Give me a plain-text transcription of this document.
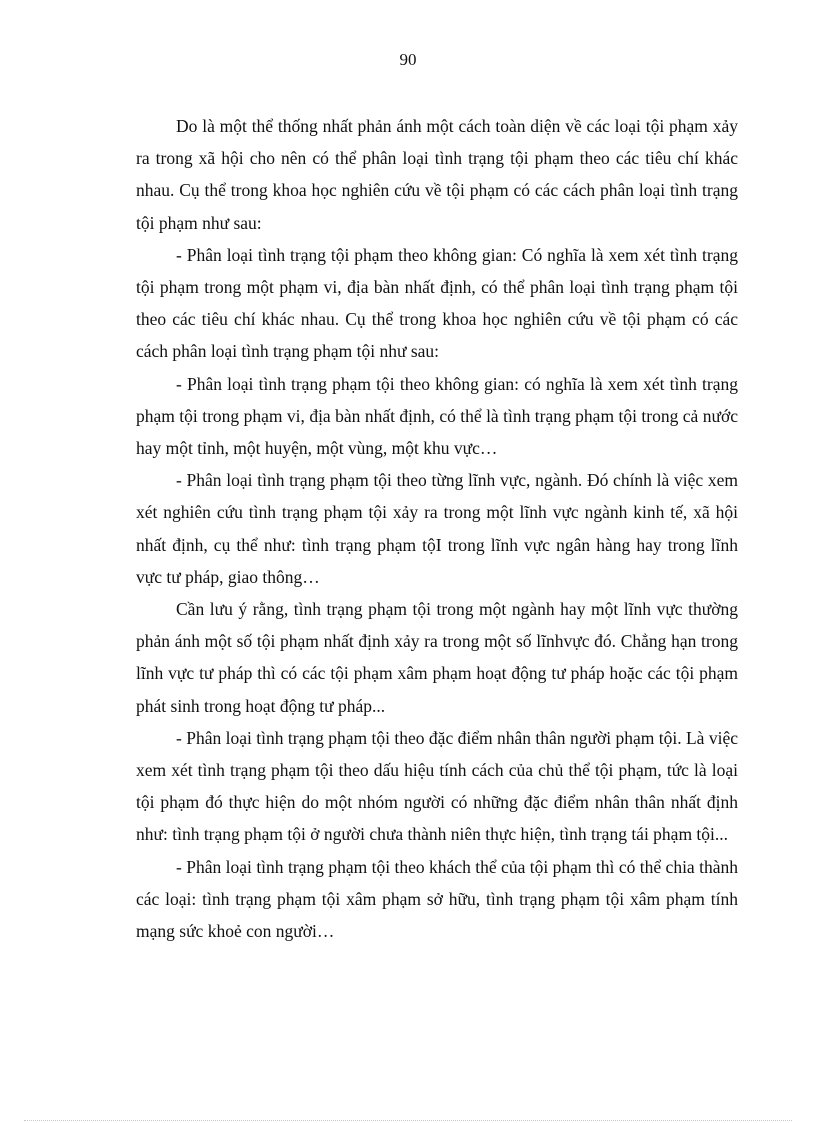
90

Do là một thể thống nhất phản ánh một cách toàn diện về các loại tội phạm xảy ra trong xã hội cho nên có thể phân loại tình trạng tội phạm theo các tiêu chí khác nhau. Cụ thể trong khoa học nghiên cứu về tội phạm có các cách phân loại tình trạng tội phạm như sau:

- Phân loại tình trạng tội phạm theo không gian: Có nghĩa là xem xét tình trạng tội phạm trong một phạm vi, địa bàn nhất định, có thể phân loại tình trạng phạm tội theo các tiêu chí khác nhau. Cụ thể trong khoa học nghiên cứu về tội phạm có các cách phân loại tình trạng phạm tội như sau:

- Phân loại tình trạng phạm tội theo không gian: có nghĩa là xem xét tình trạng phạm tội trong phạm vi, địa bàn nhất định, có thể là tình trạng phạm tội trong cả nước hay một tỉnh, một huyện, một vùng, một khu vực…

- Phân loại tình trạng phạm tội theo từng lĩnh vực, ngành. Đó chính là việc xem xét nghiên cứu tình trạng phạm tội xảy ra trong một lĩnh vực ngành kinh tế, xã hội nhất định, cụ thể như: tình trạng phạm tộI trong lĩnh vực ngân hàng hay trong lĩnh vực tư pháp, giao thông…

Cần lưu ý rằng, tình trạng phạm tội trong một ngành hay một lĩnh vực thường phản ánh một số tội phạm nhất định xảy ra trong một số lĩnhvực đó. Chẳng hạn trong lĩnh vực tư pháp thì có các tội phạm xâm phạm hoạt động tư pháp hoặc các tội phạm phát sinh trong hoạt động tư pháp...

- Phân loại tình trạng phạm tội theo đặc điểm nhân thân người phạm tội. Là việc xem xét tình trạng phạm tội theo dấu hiệu tính cách của chủ thể tội phạm, tức là loại tội phạm đó thực hiện do một nhóm người có những đặc điểm nhân thân nhất định như: tình trạng phạm tội ở người chưa thành niên thực hiện, tình trạng tái phạm tội...

- Phân loại tình trạng phạm tội theo khách thể của tội phạm thì có thể chia thành các loại: tình trạng phạm tội xâm phạm sở hữu, tình trạng phạm tội xâm phạm tính mạng sức khoẻ con người…
